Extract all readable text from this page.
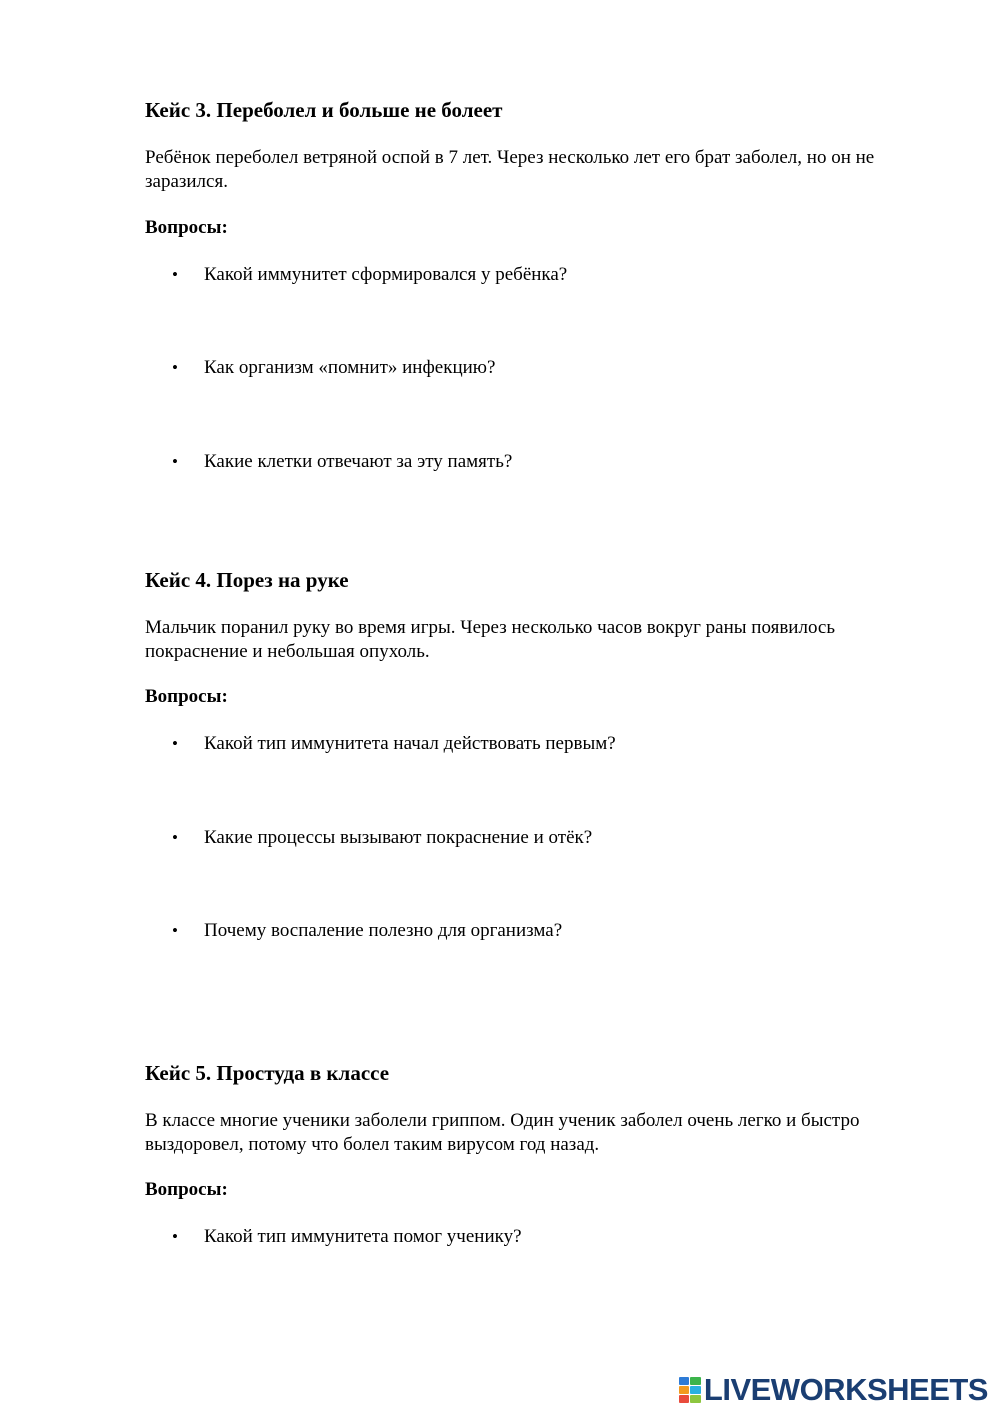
Кейс 3. Переболел и больше не болеет

Ребёнок переболел ветряной оспой в 7 лет. Через несколько лет его брат заболел, но он не
заразился.

Вопросы:

•	Какой иммунитет сформировался у ребёнка?
•	Как организм «помнит» инфекцию?
•	Какие клетки отвечают за эту память?
Кейс 4. Порез на руке

Мальчик поранил руку во время игры. Через несколько часов вокруг раны появилось
покраснение и небольшая опухоль.

Вопросы:

•	Какой тип иммунитета начал действовать первым?
•	Какие процессы вызывают покраснение и отёк?
•	Почему воспаление полезно для организма?
Кейс 5. Простуда в классе

В классе многие ученики заболели гриппом. Один ученик заболел очень легко и быстро
выздоровел, потому что болел таким вирусом год назад.

Вопросы:

•	Какой тип иммунитета помог ученику?
LIVEWORKSHEETS
